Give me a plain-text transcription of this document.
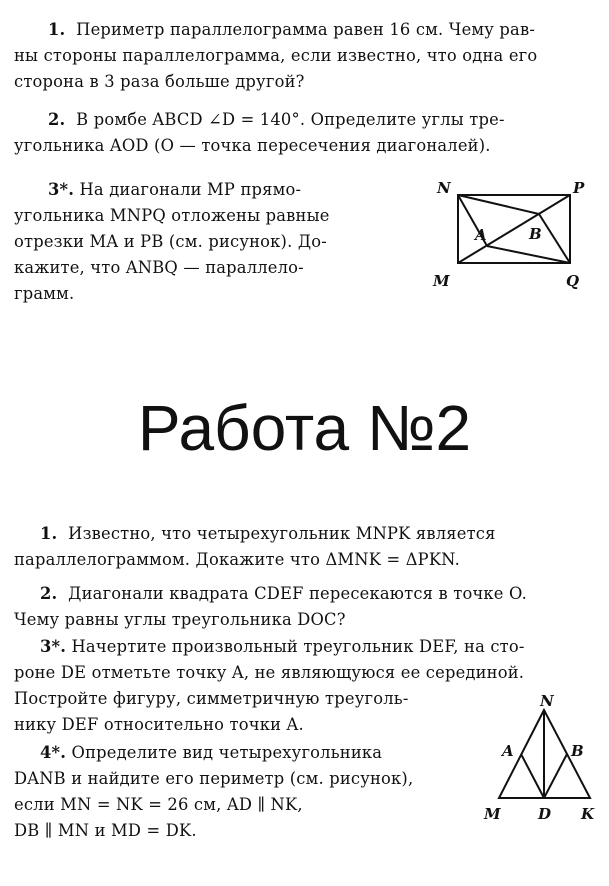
1. Периметр параллелограмма равен 16 см. Чему рав-
ны стороны параллелограмма, если известно, что одна его
сторона в 3 раза больше другой?
2. В ромбе ABCD ∠D = 140°. Определите углы тре-
угольника AOD (O — точка пересечения диагоналей).
3*. На диагонали MP прямо-
угольника MNPQ отложены равные
отрезки MA и PB (см. рисунок). До-
кажите, что ANBQ — параллело-
грамм.
N	P
M	Q
A	B
Работа №2
1. Известно, что четырехугольник MNPK является
параллелограммом. Докажите что ΔMNK = ΔPKN.
2. Диагонали квадрата CDEF пересекаются в точке O.
Чему равны углы треугольника DOC?
3*. Начертите произвольный треугольник DEF, на сто-
роне DE отметьте точку A, не являющуюся ее серединой.
Постройте фигуру, симметричную треуголь-
нику DEF относительно точки A.
4*. Определите вид четырехугольника
DANB и найдите его периметр (см. рисунок),
если MN = NK = 26 см, AD ∥ NK,
DB ∥ MN и MD = DK.
N
A	B
M D K
